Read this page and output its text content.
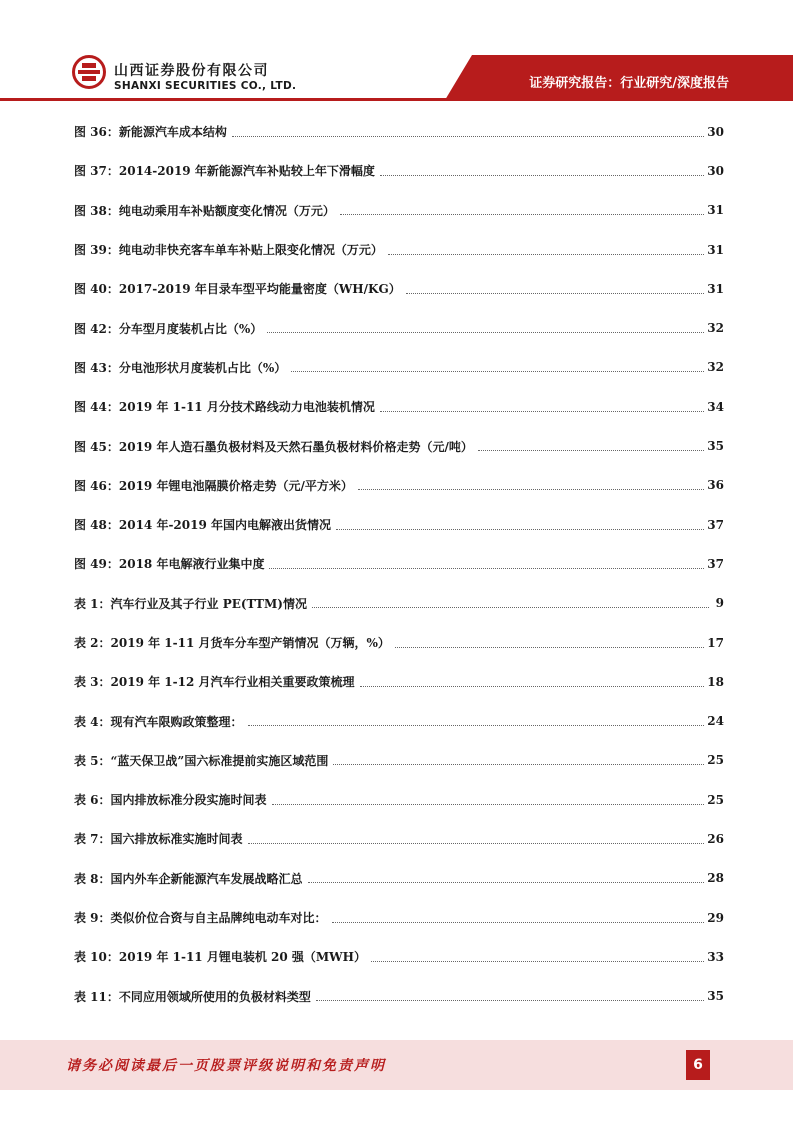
山西证券股份有限公司
SHANXI SECURITIES CO., LTD.	证券研究报告：行业研究/深度报告
图 36：新能源汽车成本结构	30
图 37：2014-2019 年新能源汽车补贴较上年下滑幅度	30
图 38：纯电动乘用车补贴额度变化情况（万元）	31
图 39：纯电动非快充客车单车补贴上限变化情况（万元）	31
图 40：2017-2019 年目录车型平均能量密度（WH/KG）	31
图 42：分车型月度装机占比（%）	32
图 43：分电池形状月度装机占比（%）	32
图 44：2019 年 1-11 月分技术路线动力电池装机情况	34
图 45：2019 年人造石墨负极材料及天然石墨负极材料价格走势（元/吨）	35
图 46：2019 年锂电池隔膜价格走势（元/平方米）	36
图 48：2014 年-2019 年国内电解液出货情况	37
图 49：2018 年电解液行业集中度	37
表 1：汽车行业及其子行业 PE(TTM)情况	9
表 2：2019 年 1-11 月货车分车型产销情况（万辆，%）	17
表 3：2019 年 1-12 月汽车行业相关重要政策梳理	18
表 4：现有汽车限购政策整理：	24
表 5：“蓝天保卫战”国六标准提前实施区域范围	25
表 6：国内排放标准分段实施时间表	25
表 7：国六排放标准实施时间表	26
表 8：国内外车企新能源汽车发展战略汇总	28
表 9：类似价位合资与自主品牌纯电动车对比：	29
表 10：2019 年 1-11 月锂电装机 20 强（MWH）	33
表 11：不同应用领域所使用的负极材料类型	35
请务必阅读最后一页股票评级说明和免责声明	6
